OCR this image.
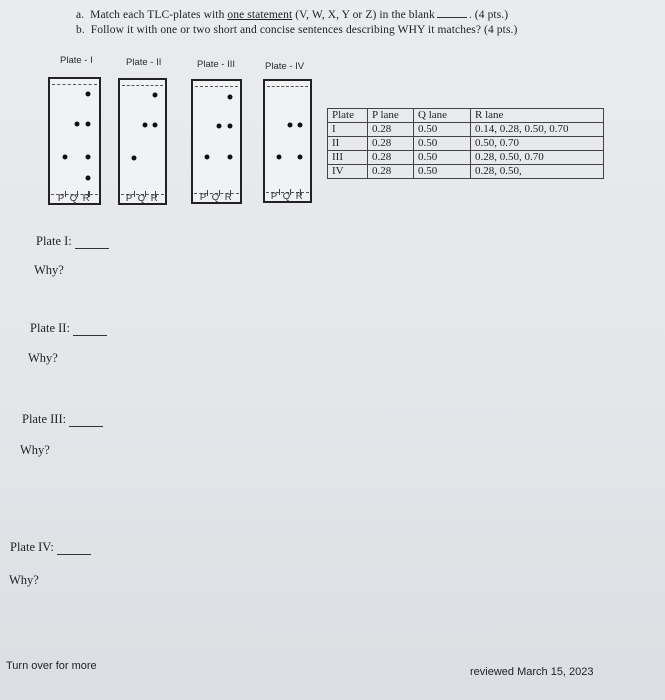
a. Match each TLC-plates with one statement (V, W, X, Y or Z) in the blank	. (4 pts.)
b. Follow it with one or two short and concise sentences describing WHY it matches? (4 pts.)
Plate - I
P Q R
Plate - II
P Q R
Plate - III
P Q R
Plate - IV
P Q R
Plate	P lane	Q lane	R lane
I	0.28	0.50	0.14, 0.28, 0.50, 0.70
II	0.28	0.50	0.50, 0.70
III	0.28	0.50	0.28, 0.50, 0.70
IV	0.28	0.50	0.28, 0.50,
Plate I:
Why?
Plate II:
Why?
Plate III:
Why?
Plate IV:
Why?
Turn over for more	reviewed March 15, 2023
